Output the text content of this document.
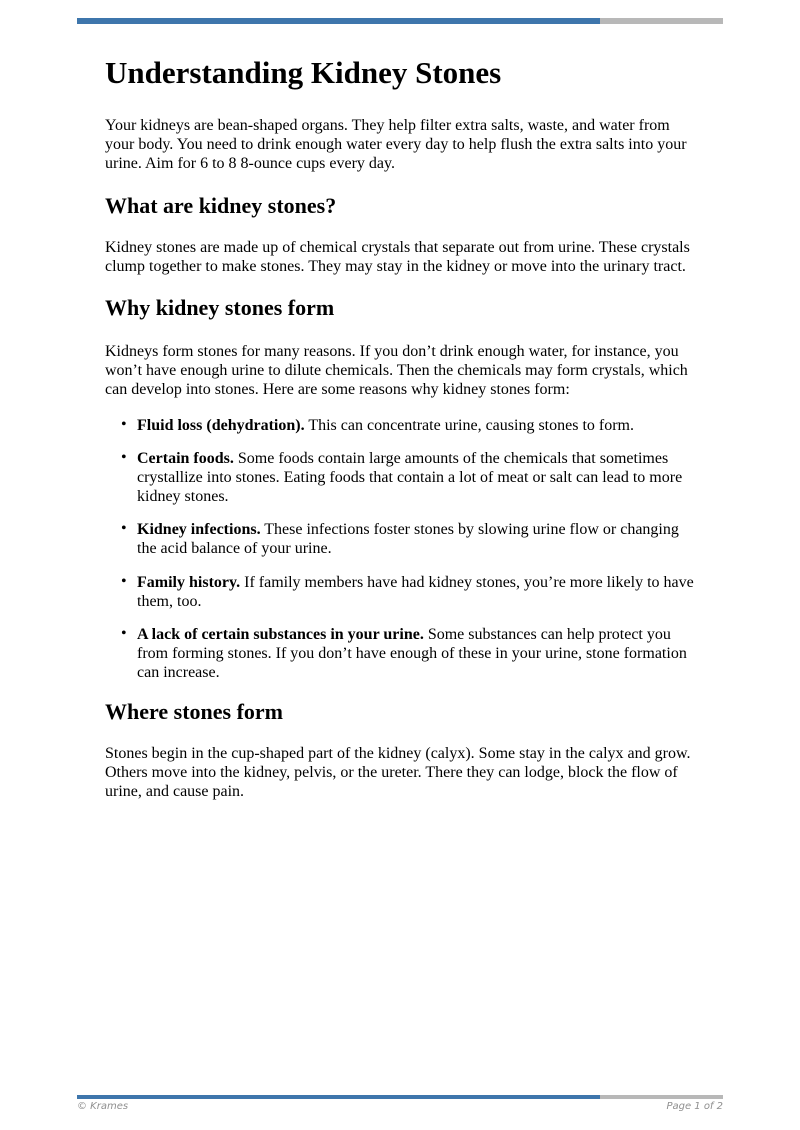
Understanding Kidney Stones

Your kidneys are bean-shaped organs. They help filter extra salts, waste, and water from your body. You need to drink enough water every day to help flush the extra salts into your urine. Aim for 6 to 8 8-ounce cups every day.

What are kidney stones?

Kidney stones are made up of chemical crystals that separate out from urine. These crystals clump together to make stones. They may stay in the kidney or move into the urinary tract.

Why kidney stones form

Kidneys form stones for many reasons. If you don’t drink enough water, for instance, you won’t have enough urine to dilute chemicals. Then the chemicals may form crystals, which can develop into stones. Here are some reasons why kidney stones form:

• Fluid loss (dehydration). This can concentrate urine, causing stones to form.
• Certain foods. Some foods contain large amounts of the chemicals that sometimes crystallize into stones. Eating foods that contain a lot of meat or salt can lead to more kidney stones.
• Kidney infections. These infections foster stones by slowing urine flow or changing the acid balance of your urine.
• Family history. If family members have had kidney stones, you’re more likely to have them, too.
• A lack of certain substances in your urine. Some substances can help protect you from forming stones. If you don’t have enough of these in your urine, stone formation can increase.
Where stones form

Stones begin in the cup-shaped part of the kidney (calyx). Some stay in the calyx and grow. Others move into the kidney, pelvis, or the ureter. There they can lodge, block the flow of urine, and cause pain.

© Krames	Page 1 of 2
